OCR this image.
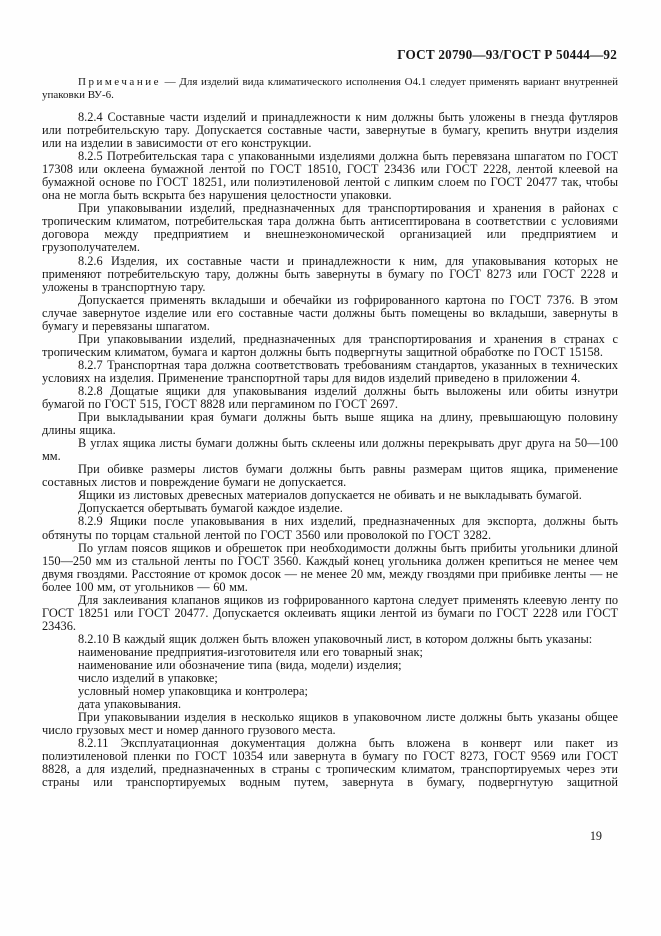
ГОСТ 20790—93/ГОСТ Р 50444—92
Примечание — Для изделий вида климатического исполнения О4.1 следует применять вариант внутренней упаковки ВУ-6.

8.2.4 Составные части изделий и принадлежности к ним должны быть уложены в гнезда футляров или потребительскую тару. Допускается составные части, завернутые в бумагу, крепить внутри изделия или на изделии в зависимости от его конструкции.

8.2.5 Потребительская тара с упакованными изделиями должна быть перевязана шпагатом по ГОСТ 17308 или оклеена бумажной лентой по ГОСТ 18510, ГОСТ 23436 или ГОСТ 2228, лентой клеевой на бумажной основе по ГОСТ 18251, или полиэтиленовой лентой с липким слоем по ГОСТ 20477 так, чтобы она не могла быть вскрыта без нарушения целостности упаковки.

При упаковывании изделий, предназначенных для транспортирования и хранения в районах с тропическим климатом, потребительская тара должна быть антисептирована в соответствии с условиями договора между предприятием и внешнеэкономической организацией или предприятием и грузополучателем.

8.2.6 Изделия, их составные части и принадлежности к ним, для упаковывания которых не применяют потребительскую тару, должны быть завернуты в бумагу по ГОСТ 8273 или ГОСТ 2228 и уложены в транспортную тару.

Допускается применять вкладыши и обечайки из гофрированного картона по ГОСТ 7376. В этом случае завернутое изделие или его составные части должны быть помещены во вкладыши, завернуты в бумагу и перевязаны шпагатом.

При упаковывании изделий, предназначенных для транспортирования и хранения в странах с тропическим климатом, бумага и картон должны быть подвергнуты защитной обработке по ГОСТ 15158.

8.2.7 Транспортная тара должна соответствовать требованиям стандартов, указанных в технических условиях на изделия. Применение транспортной тары для видов изделий приведено в приложении 4.

8.2.8 Дощатые ящики для упаковывания изделий должны быть выложены или обиты изнутри бумагой по ГОСТ 515, ГОСТ 8828 или пергамином по ГОСТ 2697.

При выкладывании края бумаги должны быть выше ящика на длину, превышающую половину длины ящика.

В углах ящика листы бумаги должны быть склеены или должны перекрывать друг друга на 50—100 мм.

При обивке размеры листов бумаги должны быть равны размерам щитов ящика, применение составных листов и повреждение бумаги не допускается.

Ящики из листовых древесных материалов допускается не обивать и не выкладывать бумагой.

Допускается обертывать бумагой каждое изделие.

8.2.9 Ящики после упаковывания в них изделий, предназначенных для экспорта, должны быть обтянуты по торцам стальной лентой по ГОСТ 3560 или проволокой по ГОСТ 3282.

По углам поясов ящиков и обрешеток при необходимости должны быть прибиты угольники длиной 150—250 мм из стальной ленты по ГОСТ 3560. Каждый конец угольника должен крепиться не менее чем двумя гвоздями. Расстояние от кромок досок — не менее 20 мм, между гвоздями при прибивке ленты — не более 100 мм, от угольников — 60 мм.

Для заклеивания клапанов ящиков из гофрированного картона следует применять клеевую ленту по ГОСТ 18251 или ГОСТ 20477. Допускается оклеивать ящики лентой из бумаги по ГОСТ 2228 или ГОСТ 23436.

8.2.10 В каждый ящик должен быть вложен упаковочный лист, в котором должны быть указаны:

наименование предприятия-изготовителя или его товарный знак;

наименование или обозначение типа (вида, модели) изделия;

число изделий в упаковке;

условный номер упаковщика и контролера;

дата упаковывания.

При упаковывании изделия в несколько ящиков в упаковочном листе должны быть указаны общее число грузовых мест и номер данного грузового места.

8.2.11 Эксплуатационная документация должна быть вложена в конверт или пакет из полиэтиленовой пленки по ГОСТ 10354 или завернута в бумагу по ГОСТ 8273, ГОСТ 9569 или ГОСТ 8828, а для изделий, предназначенных в страны с тропическим климатом, транспортируемых через эти страны или транспортируемых водным путем, завернута в бумагу, подвергнутую защитной

19
